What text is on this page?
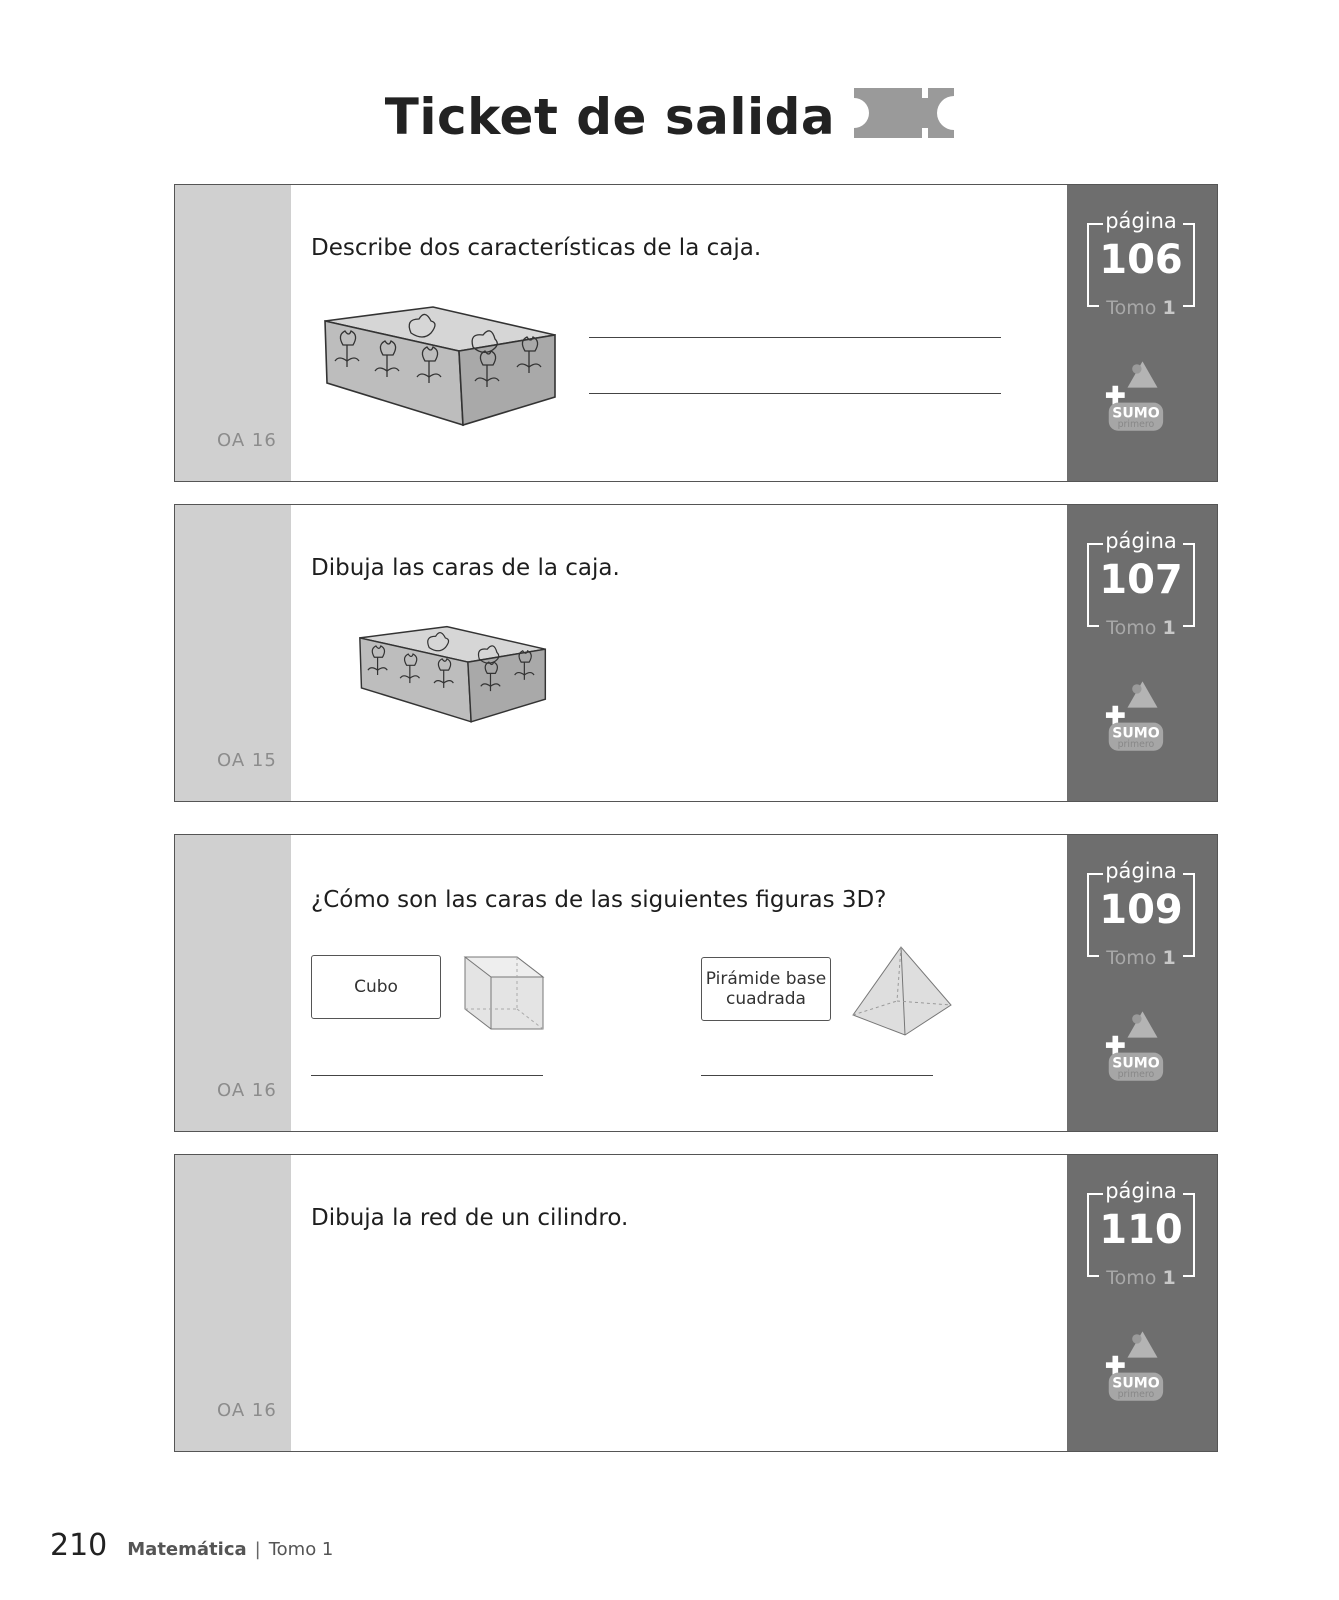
Ticket de salida
OA 16
Describe dos características de la caja.
página
106
Tomo 1
SUMO
primero
OA 15
Dibuja las caras de la caja.
página
107
Tomo 1
SUMO
primero
OA 16
¿Cómo son las caras de las siguientes figuras 3D?
Cubo	Pirámide base cuadrada
página
109
Tomo 1
SUMO
primero
OA 16
Dibuja la red de un cilindro.
página
110
Tomo 1
SUMO
primero
210 Matemática | Tomo 1
